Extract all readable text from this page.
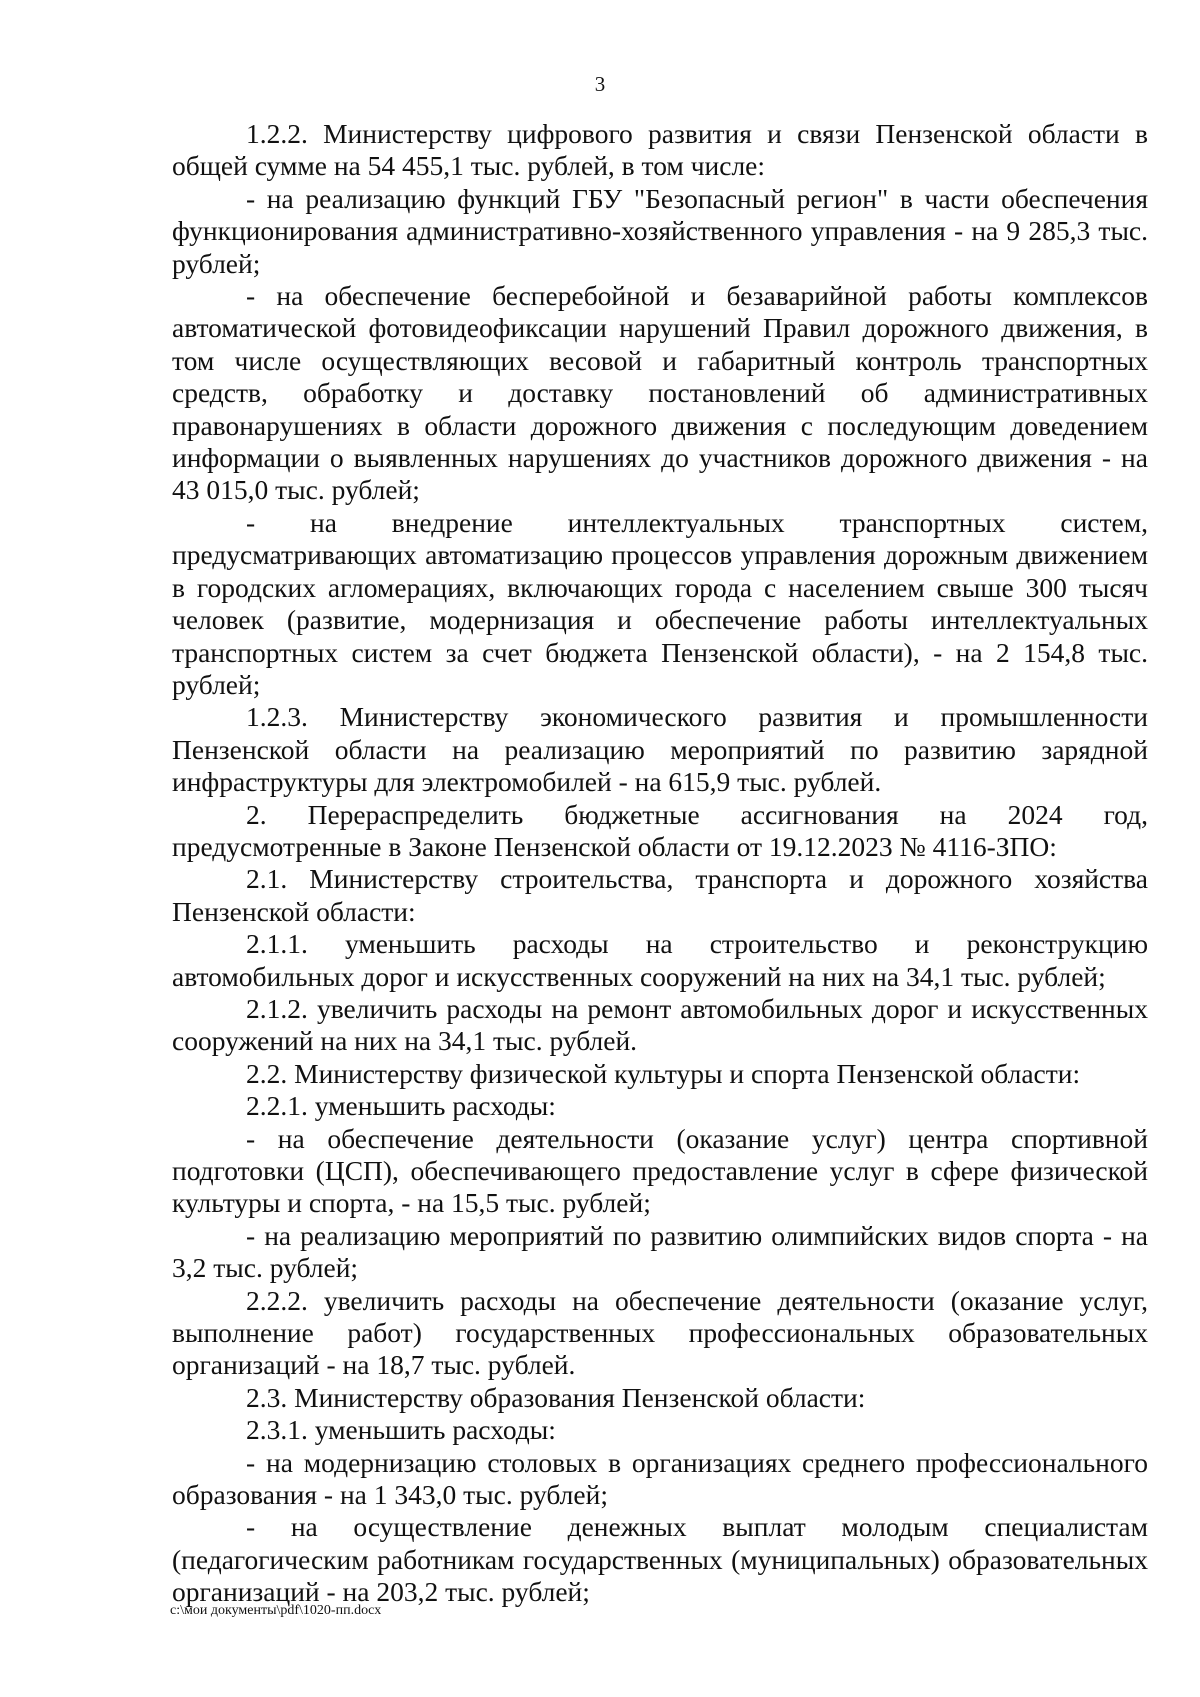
3

1.2.2. Министерству цифрового развития и связи Пензенской области в общей сумме на 54 455,1 тыс. рублей, в том числе:

- на реализацию функций ГБУ "Безопасный регион" в части обеспечения функционирования административно-хозяйственного управления - на 9 285,3 тыс. рублей;

- на обеспечение бесперебойной и безаварийной работы комплексов автоматической фотовидеофиксации нарушений Правил дорожного движения, в том числе осуществляющих весовой и габаритный контроль транспортных средств, обработку и доставку постановлений об административных правонарушениях в области дорожного движения с последующим доведением информации о выявленных нарушениях до участников дорожного движения - на 43 015,0 тыс. рублей;

- на внедрение интеллектуальных транспортных систем, предусматривающих автоматизацию процессов управления дорожным движением в городских агломерациях, включающих города с населением свыше 300 тысяч человек (развитие, модернизация и обеспечение работы интеллектуальных транспортных систем за счет бюджета Пензенской области), - на 2 154,8 тыс. рублей;

1.2.3. Министерству экономического развития и промышленности Пензенской области на реализацию мероприятий по развитию зарядной инфраструктуры для электромобилей - на 615,9 тыс. рублей.

2. Перераспределить бюджетные ассигнования на 2024 год, предусмотренные в Законе Пензенской области от 19.12.2023 № 4116-ЗПО:

2.1. Министерству строительства, транспорта и дорожного хозяйства Пензенской области:

2.1.1. уменьшить расходы на строительство и реконструкцию автомобильных дорог и искусственных сооружений на них на 34,1 тыс. рублей;

2.1.2. увеличить расходы на ремонт автомобильных дорог и искусственных сооружений на них на 34,1 тыс. рублей.

2.2. Министерству физической культуры и спорта Пензенской области:

2.2.1. уменьшить расходы:

- на обеспечение деятельности (оказание услуг) центра спортивной подготовки (ЦСП), обеспечивающего предоставление услуг в сфере физической культуры и спорта, - на 15,5 тыс. рублей;

- на реализацию мероприятий по развитию олимпийских видов спорта - на 3,2 тыс. рублей;

2.2.2. увеличить расходы на обеспечение деятельности (оказание услуг, выполнение работ) государственных профессиональных образовательных организаций - на 18,7 тыс. рублей.

2.3. Министерству образования Пензенской области:

2.3.1. уменьшить расходы:

- на модернизацию столовых в организациях среднего профессионального образования - на 1 343,0 тыс. рублей;

- на осуществление денежных выплат молодым специалистам (педагогическим работникам государственных (муниципальных) образовательных организаций - на 203,2 тыс. рублей;

c:\мои документы\pdf\1020-пп.docx
